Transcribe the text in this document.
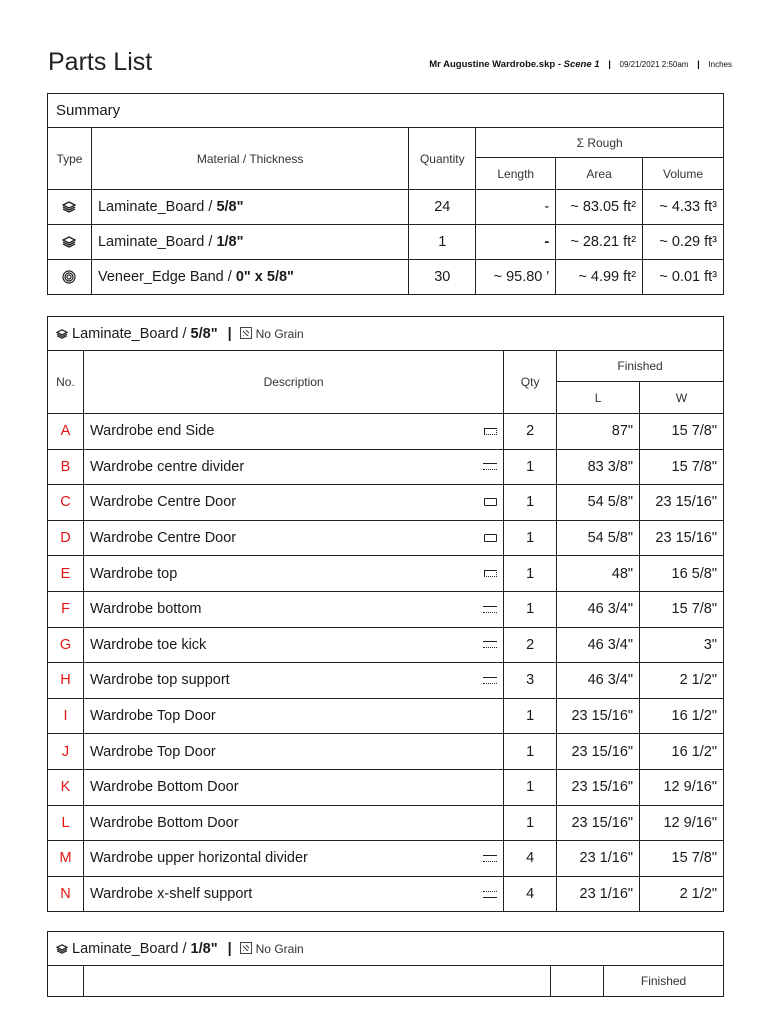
Parts List	Mr Augustine Wardrobe.skp - Scene 1 | 09/21/2021 2:50am | Inches
Summary					
Type	Material / Thickness	Quantity	Σ Rough		
			Length	Area	Volume
	Laminate_Board / 5/8"	24	-	~ 83.05 ft²	~ 4.33 ft³
	Laminate_Board / 1/8"	1	-	~ 28.21 ft²	~ 0.29 ft³
	Veneer_Edge Band / 0" x 5/8"	30	~ 95.80 '	~ 4.99 ft²	~ 0.01 ft³
Laminate_Board / 5/8" | No Grain				
No.	Description	Qty	Finished	
			L	W
A	Wardrobe end Side	2	87"	15 7/8"
B	Wardrobe centre divider	1	83 3/8"	15 7/8"
C	Wardrobe Centre Door	1	54 5/8"	23 15/16"
D	Wardrobe Centre Door	1	54 5/8"	23 15/16"
E	Wardrobe top	1	48"	16 5/8"
F	Wardrobe bottom	1	46 3/4"	15 7/8"
G	Wardrobe toe kick	2	46 3/4"	3"
H	Wardrobe top support	3	46 3/4"	2 1/2"
I	Wardrobe Top Door	1	23 15/16"	16 1/2"
J	Wardrobe Top Door	1	23 15/16"	16 1/2"
K	Wardrobe Bottom Door	1	23 15/16"	12 9/16"
L	Wardrobe Bottom Door	1	23 15/16"	12 9/16"
M	Wardrobe upper horizontal divider	4	23 1/16"	15 7/8"
N	Wardrobe x-shelf support	4	23 1/16"	2 1/2"
Laminate_Board / 1/8" | No Grain
			Finished
